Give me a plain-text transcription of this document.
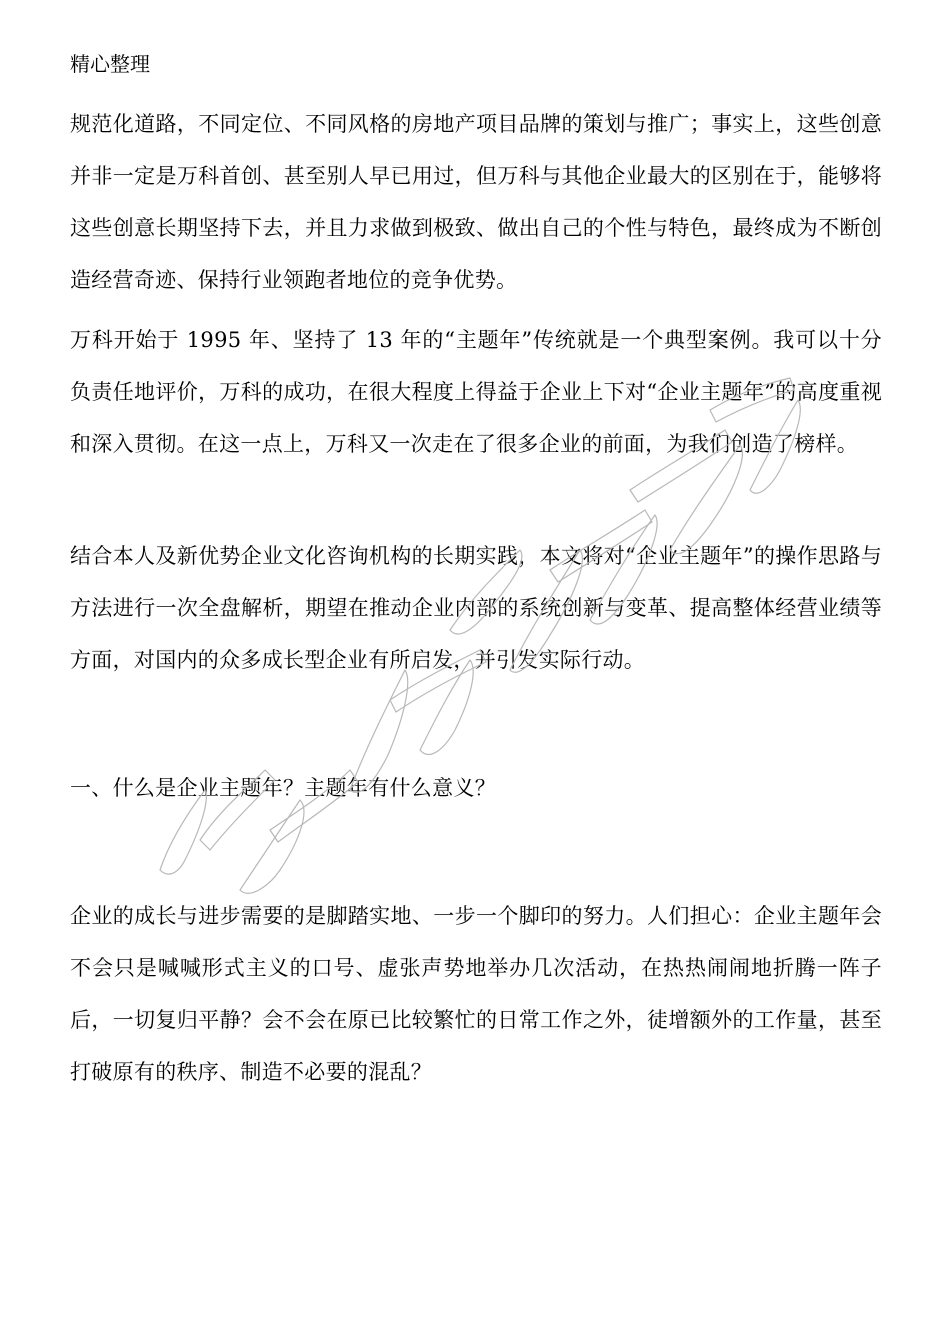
精心整理

规范化道路，不同定位、不同风格的房地产项目品牌的策划与推广；事实上，这些创意并非一定是万科首创、甚至别人早已用过，但万科与其他企业最大的区别在于，能够将这些创意长期坚持下去，并且力求做到极致、做出自己的个性与特色，最终成为不断创造经营奇迹、保持行业领跑者地位的竞争优势。

万科开始于 1995 年、坚持了 13 年的“主题年”传统就是一个典型案例。我可以十分负责任地评价，万科的成功，在很大程度上得益于企业上下对“企业主题年”的高度重视和深入贯彻。在这一点上，万科又一次走在了很多企业的前面，为我们创造了榜样。

结合本人及新优势企业文化咨询机构的长期实践，本文将对“企业主题年”的操作思路与方法进行一次全盘解析，期望在推动企业内部的系统创新与变革、提高整体经营业绩等方面，对国内的众多成长型企业有所启发，并引发实际行动。

一、什么是企业主题年？主题年有什么意义？

企业的成长与进步需要的是脚踏实地、一步一个脚印的努力。人们担心：企业主题年会不会只是喊喊形式主义的口号、虚张声势地举办几次活动，在热热闹闹地折腾一阵子后，一切复归平静？会不会在原已比较繁忙的日常工作之外，徒增额外的工作量，甚至打破原有的秩序、制造不必要的混乱？
